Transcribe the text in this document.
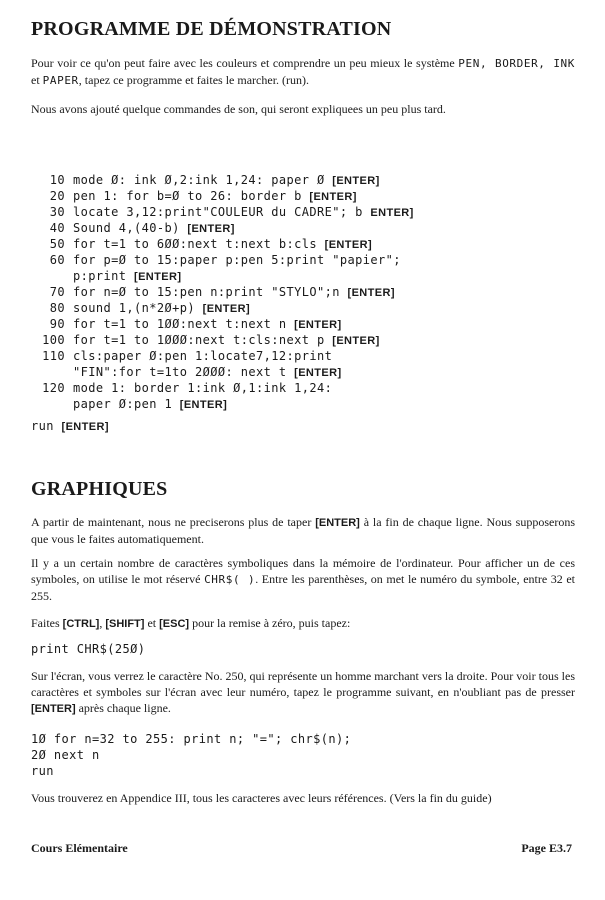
PROGRAMME DE DÉMONSTRATION

Pour voir ce qu'on peut faire avec les couleurs et comprendre un peu mieux le système PEN, BORDER, INK et PAPER, tapez ce programme et faites le marcher. (run).

Nous avons ajouté quelque commandes de son, qui seront expliquees un peu plus tard.

10 mode Ø: ink Ø,2:ink 1,24: paper Ø [ENTER]
20 pen 1: for b=Ø to 26: border b [ENTER]
30 locate 3,12:print"COULEUR du CADRE"; b ENTER]
40 Sound 4,(40-b) [ENTER]
50 for t=1 to 6ØØ:next t:next b:cls [ENTER]
60 for p=Ø to 15:paper p:pen 5:print "papier";
p:print [ENTER]
70 for n=Ø to 15:pen n:print "STYLO";n [ENTER]
80 sound 1,(n*2Ø+p) [ENTER]
90 for t=1 to 1ØØ:next t:next n [ENTER]
100 for t=1 to 1ØØØ:next t:cls:next p [ENTER]
110 cls:paper Ø:pen 1:locate7,12:print
"FIN":for t=1to 2ØØØ: next t [ENTER]
120 mode 1: border 1:ink Ø,1:ink 1,24:
paper Ø:pen 1 [ENTER]
run [ENTER]
GRAPHIQUES

A partir de maintenant, nous ne preciserons plus de taper [ENTER] à la fin de chaque ligne. Nous supposerons que vous le faites automatiquement.

Il y a un certain nombre de caractères symboliques dans la mémoire de l'ordinateur. Pour afficher un de ces symboles, on utilise le mot réservé CHR$( ). Entre les parenthèses, on met le numéro du symbole, entre 32 et 255.

Faites [CTRL], [SHIFT] et [ESC] pour la remise à zéro, puis tapez:

print CHR$(25Ø)

Sur l'écran, vous verrez le caractère No. 250, qui représente un homme marchant vers la droite. Pour voir tous les caractères et symboles sur l'écran avec leur numéro, tapez le programme suivant, en n'oubliant pas de presser [ENTER] après chaque ligne.

1Ø for n=32 to 255: print n; "="; chr$(n);
2Ø next n
run

Vous trouverez en Appendice III, tous les caracteres avec leurs références. (Vers la fin du guide)

Cours Elémentaire	Page E3.7
